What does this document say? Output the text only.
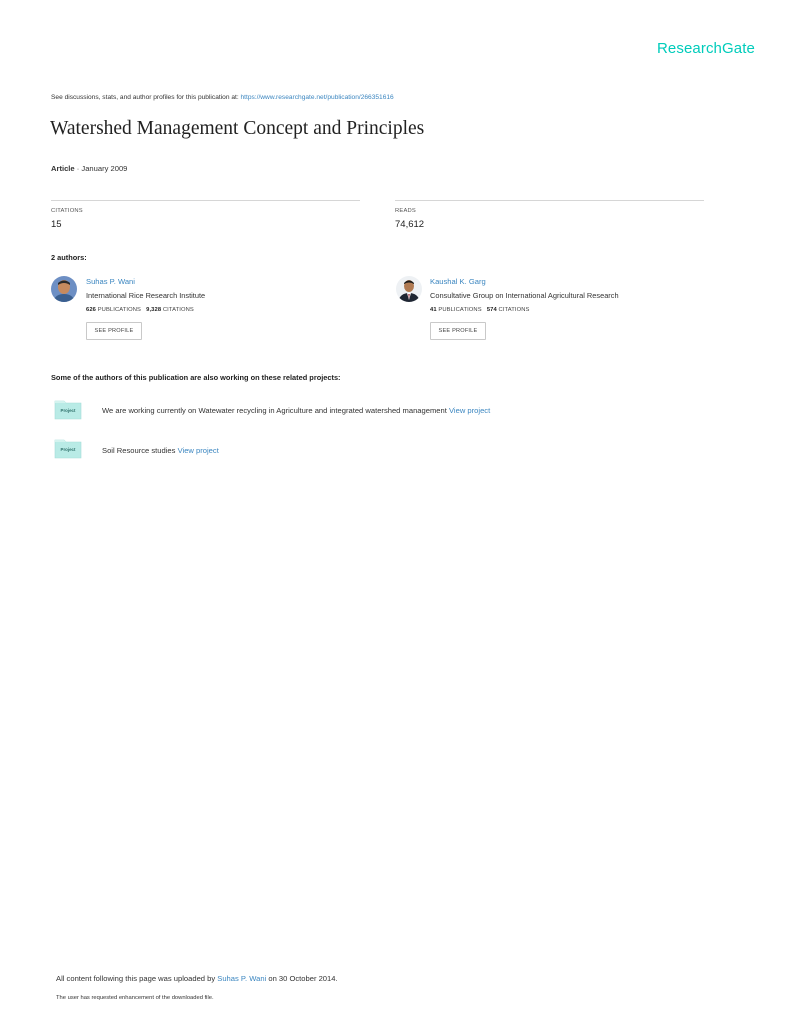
ResearchGate
See discussions, stats, and author profiles for this publication at: https://www.researchgate.net/publication/266351616
Watershed Management Concept and Principles
Article · January 2009
CITATIONS
15
READS
74,612
2 authors:
Suhas P. Wani
International Rice Research Institute
626 PUBLICATIONS 9,328 CITATIONS
SEE PROFILE
Kaushal K. Garg
Consultative Group on International Agricultural Research
41 PUBLICATIONS 574 CITATIONS
SEE PROFILE
Some of the authors of this publication are also working on these related projects:
Project	We are working currently on Watewater recycling in Agriculture and integrated watershed management View project
Project	Soil Resource studies View project
All content following this page was uploaded by Suhas P. Wani on 30 October 2014.
The user has requested enhancement of the downloaded file.
